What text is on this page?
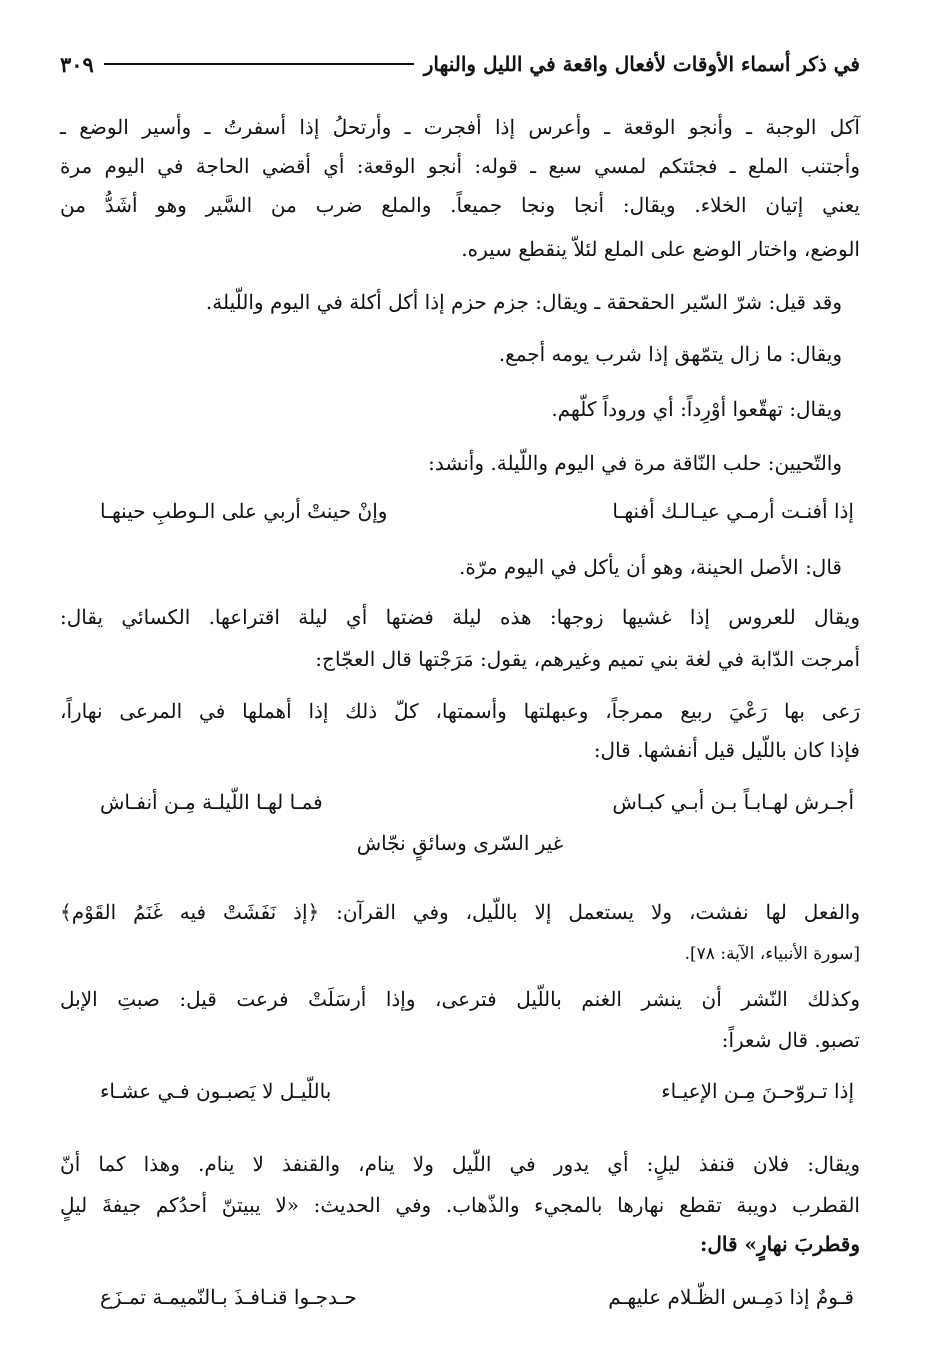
في ذكر أسماء الأوقات لأفعال واقعة في الليل والنهار
٣٠٩
آكل الوجبة ـ وأنجو الوقعة ـ وأعرس إذا أفجرت ـ وأرتحلُ إذا أسفرتُ ـ وأسير الوضع ـ
وأجتنب الملع ـ فجئتكم لمسي سبع ـ قوله: أنجو الوقعة: أي أقضي الحاجة في اليوم مرة
يعني إتيان الخلاء. ويقال: أنجا ونجا جميعاً. والملع ضرب من السَّير وهو أشَدُّ من
الوضع، واختار الوضع على الملع لئلاّ ينقطع سيره.
وقد قيل: شرّ السّير الحقحقة ـ ويقال: جزم حزم إذا أكل أكلة في اليوم واللّيلة.
ويقال: ما زال يتمّهق إذا شرب يومه أجمع.
ويقال: تهقّعوا أوْرِداً: أي وروداً كلّهم.
والتّحيين: حلب النّاقة مرة في اليوم واللّيلة. وأنشد:
إذا أفنـت أرمـي عيـالـك أفنهـا
وإنْ حينتْ أربي على الـوطبِ حينهـا
قال: الأصل الحينة، وهو أن يأكل في اليوم مرّة.
ويقال للعروس إذا غشيها زوجها: هذه ليلة فضتها أي ليلة اقتراعها. الكسائي يقال:
أمرجت الدّابة في لغة بني تميم وغيرهم، يقول: مَرَجْتها قال العجّاج:
رَعى بها رَعْيَ ربيع ممرجاً، وعبهلتها وأسمتها، كلّ ذلك إذا أهملها في المرعى نهاراً،
فإذا كان باللّيل قيل أنفشها. قال:
أجـرش لهـابـاً بـن أبـي كبـاش
فمـا لهـا اللّيلـة مِـن أنفـاش
غير السّرى وسائقٍ نجّاش
والفعل لها نفشت، ولا يستعمل إلا باللّيل، وفي القرآن: ﴿إذ نَفَشَتْ فيه غَنَمُ القَوْم﴾
[سورة الأنبياء، الآية: ٧٨].
وكذلك النّشر أن ينشر الغنم باللّيل فترعى، وإذا أرسَلَتْ فرعت قيل: صبتِ الإبل
تصبو. قال شعراً:
إذا تـروّحـنَ مِـن الإعيـاء
باللّيـل لا يَصبـون فـي عشـاء
ويقال: فلان قنفذ ليلٍ: أي يدور في اللّيل ولا ينام، والقنفذ لا ينام. وهذا كما أنّ
القطرب دويبة تقطع نهارها بالمجيء والذّهاب. وفي الحديث: «لا يبيتنّ أحدُكم جيفةَ ليلٍ
وقطربَ نهارٍ» قال:
قـومٌ إذا دَمِـس الظّـلام عليهـم
حـدجـوا قنـافـذَ بـالنّميمـة تمـزَع
